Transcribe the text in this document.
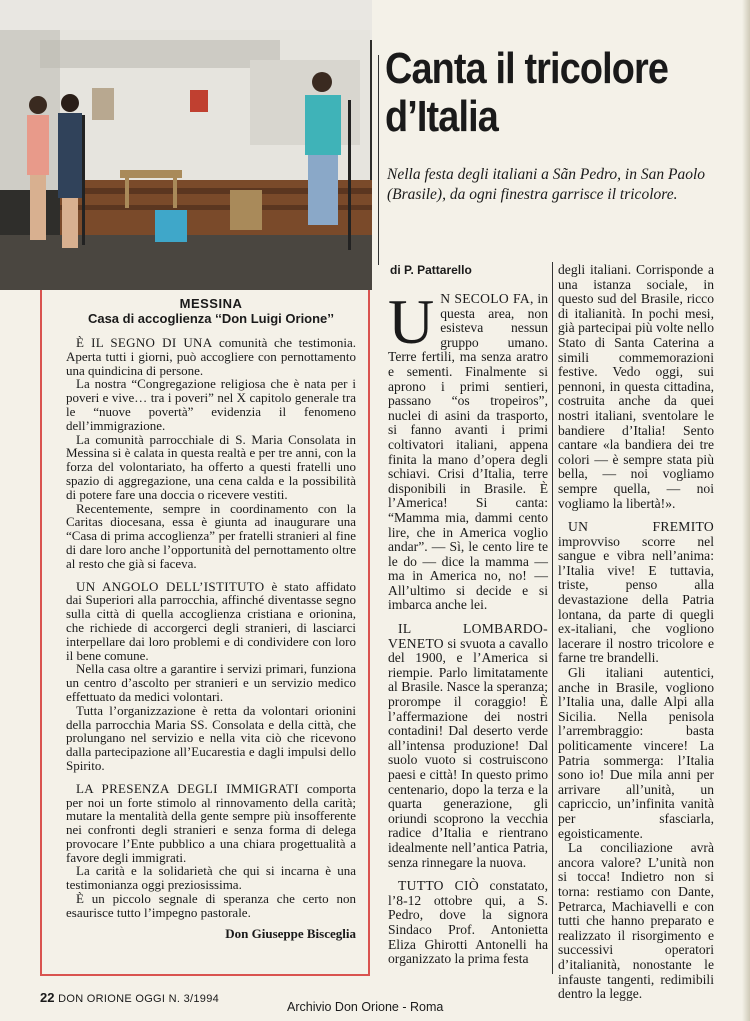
Canta il tricolore d’Italia

Nella festa degli italiani a Sãn Pedro, in San Paolo (Brasile), da ogni finestra garrisce il tricolore.

MESSINA
Casa di accoglienza ‘‘Don Luigi Orione’’

È IL SEGNO DI UNA comunità che testimonia. Aperta tutti i giorni, può accogliere con pernottamento una quindicina di persone.

La nostra “Congregazione religiosa che è nata per i poveri e vive… tra i poveri” nel X capitolo generale tra le “nuove povertà” evidenzia il fenomeno dell’immigrazione.

La comunità parrocchiale di S. Maria Consolata in Messina si è calata in questa realtà e per tre anni, con la forza del volontariato, ha offerto a questi fratelli uno spazio di aggregazione, una cena calda e la possibilità di potere fare una doccia o ricevere vestiti.

Recentemente, sempre in coordinamento con la Caritas diocesana, essa è giunta ad inaugurare una “Casa di prima accoglienza” per fratelli stranieri al fine di dare loro anche l’opportunità del pernottamento oltre al resto che già si faceva.

UN ANGOLO DELL’ISTITUTO è stato affidato dai Superiori alla parrocchia, affinché diventasse segno sulla città di quella accoglienza cristiana e orionina, che richiede di accorgerci degli stranieri, di lasciarci interpellare dai loro problemi e di condividere con loro il bene comune.

Nella casa oltre a garantire i servizi primari, funziona un centro d’ascolto per stranieri e un servizio medico effettuato da medici volontari.

Tutta l’organizzazione è retta da volontari orionini della parrocchia Maria SS. Consolata e della città, che prolungano nel servizio e nella vita ciò che ricevono dalla partecipazione all’Eucarestia e dagli impulsi dello Spirito.

LA PRESENZA DEGLI IMMIGRATI comporta per noi un forte stimolo al rinnovamento della carità; mutare la mentalità della gente sempre più insofferente nei confronti degli stranieri e senza forma di delega provocare l’Ente pubblico a una chiara progettualità a favore degli immigrati.

La carità e la solidarietà che qui si incarna è una testimonianza oggi preziosissima.

È un piccolo segnale di speranza che certo non esaurisce tutto l’impegno pastorale.

Don Giuseppe Bisceglia
di P. Pattarello

U N SECOLO FA, in questa area, non esisteva nessun gruppo umano. Terre fertili, ma senza aratro e sementi. Finalmente si aprono i primi sentieri, passano “os tropeiros”, nuclei di asini da trasporto, si fanno avanti i primi coltivatori italiani, appena finita la mano d’opera degli schiavi. Crisi d’Italia, terre disponibili in Brasile. È l’America! Si canta: “Mamma mia, dammi cento lire, che in America voglio andar”. — Sì, le cento lire te le do — dice la mamma — ma in America no, no! — All’ultimo si decide e si imbarca anche lei.

IL LOMBARDO-VENETO si svuota a cavallo del 1900, e l’America si riempie. Parlo limitatamente al Brasile. Nasce la speranza; prorompe il coraggio! È l’affermazione dei nostri contadini! Dal deserto verde all’intensa produzione! Dal suolo vuoto si costruiscono paesi e città! In questo primo centenario, dopo la terza e la quarta generazione, gli oriundi scoprono la vecchia radice d’Italia e rientrano idealmente nell’antica Patria, senza rinnegare la nuova.

TUTTO CIÒ constatato, l’8-12 ottobre qui, a S. Pedro, dove la signora Sindaco Prof. Antonietta Eliza Ghirotti Antonelli ha organizzato la prima festa

degli italiani. Corrisponde a una istanza sociale, in questo sud del Brasile, ricco di italianità. In pochi mesi, già partecipai più volte nello Stato di Santa Caterina a simili commemorazioni festive. Vedo oggi, sui pennoni, in questa cittadina, costruita anche da quei nostri italiani, sventolare le bandiere d’Italia! Sento cantare «la bandiera dei tre colori — è sempre stata più bella, — noi vogliamo sempre quella, — noi vogliamo la libertà!».

UN FREMITO improvviso scorre nel sangue e vibra nell’anima: l’Italia vive! E tuttavia, triste, penso alla devastazione della Patria lontana, da parte di quegli ex-italiani, che vogliono lacerare il nostro tricolore e farne tre brandelli.

Gli italiani autentici, anche in Brasile, vogliono l’Italia una, dalle Alpi alla Sicilia. Nella penisola l’arrembraggio: basta politicamente vincere! La Patria sommerga: l’Italia sono io! Due mila anni per arrivare all’unità, un capriccio, un’infinita vanità per sfasciarla, egoisticamente.

La conciliazione avrà ancora valore? L’unità non si tocca! Indietro non si torna: restiamo con Dante, Petrarca, Machiavelli e con tutti che hanno preparato e realizzato il risorgimento e successivi operatori d’italianità, nonostante le infauste tangenti, redimibili dentro la legge.

22 DON ORIONE OGGI N. 3/1994
Archivio Don Orione - Roma
